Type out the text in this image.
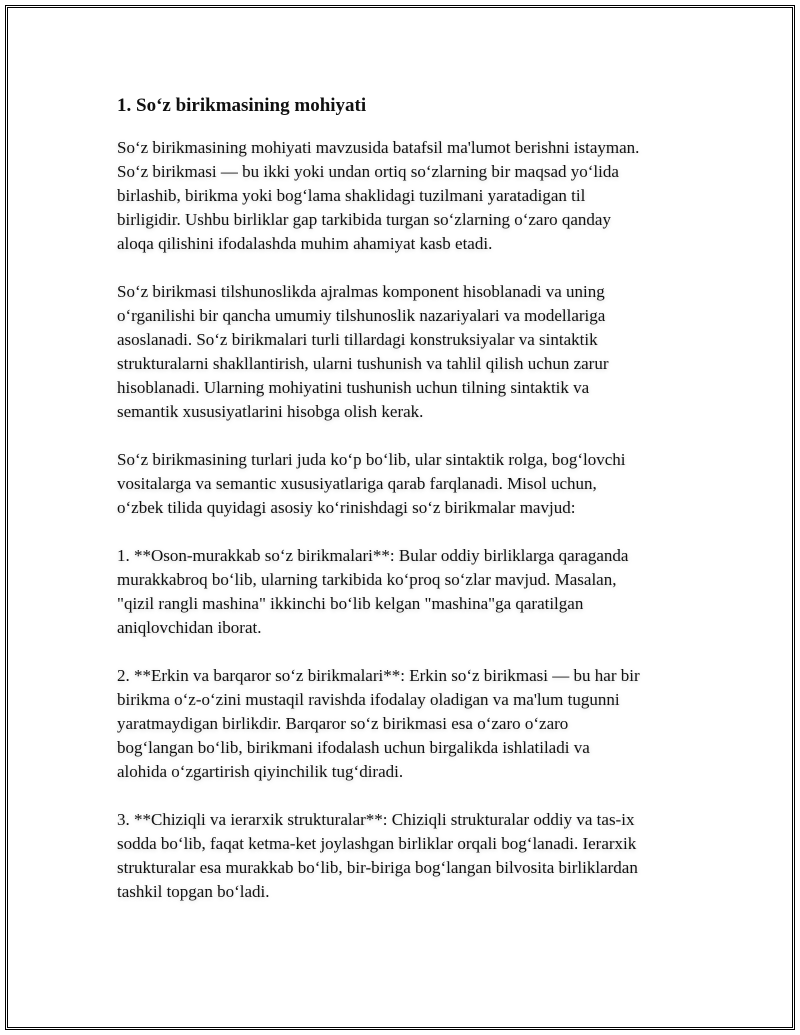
1. So‘z birikmasining mohiyati
So‘z birikmasining mohiyati mavzusida batafsil ma'lumot berishni istayman.
So‘z birikmasi — bu ikki yoki undan ortiq so‘zlarning bir maqsad yo‘lida
birlashib, birikma yoki bog‘lama shaklidagi tuzilmani yaratadigan til
birligidir. Ushbu birliklar gap tarkibida turgan so‘zlarning o‘zaro qanday
aloqa qilishini ifodalashda muhim ahamiyat kasb etadi.
So‘z birikmasi tilshunoslikda ajralmas komponent hisoblanadi va uning
o‘rganilishi bir qancha umumiy tilshunoslik nazariyalari va modellariga
asoslanadi. So‘z birikmalari turli tillardagi konstruksiyalar va sintaktik
strukturalarni shakllantirish, ularni tushunish va tahlil qilish uchun zarur
hisoblanadi. Ularning mohiyatini tushunish uchun tilning sintaktik va
semantik xususiyatlarini hisobga olish kerak.
So‘z birikmasining turlari juda ko‘p bo‘lib, ular sintaktik rolga, bog‘lovchi
vositalarga va semantic xususiyatlariga qarab farqlanadi. Misol uchun,
o‘zbek tilida quyidagi asosiy ko‘rinishdagi so‘z birikmalar mavjud:
1. **Oson-murakkab so‘z birikmalari**: Bular oddiy birliklarga qaraganda
murakkabroq bo‘lib, ularning tarkibida ko‘proq so‘zlar mavjud. Masalan,
"qizil rangli mashina" ikkinchi bo‘lib kelgan "mashina"ga qaratilgan
aniqlovchidan iborat.
2. **Erkin va barqaror so‘z birikmalari**: Erkin so‘z birikmasi — bu har bir
birikma o‘z-o‘zini mustaqil ravishda ifodalay oladigan va ma'lum tugunni
yaratmaydigan birlikdir. Barqaror so‘z birikmasi esa o‘zaro o‘zaro
bog‘langan bo‘lib, birikmani ifodalash uchun birgalikda ishlatiladi va
alohida o‘zgartirish qiyinchilik tug‘diradi.
3. **Chiziqli va ierarxik strukturalar**: Chiziqli strukturalar oddiy va tas-ix
sodda bo‘lib, faqat ketma-ket joylashgan birliklar orqali bog‘lanadi. Ierarxik
strukturalar esa murakkab bo‘lib, bir-biriga bog‘langan bilvosita birliklardan
tashkil topgan bo‘ladi.
